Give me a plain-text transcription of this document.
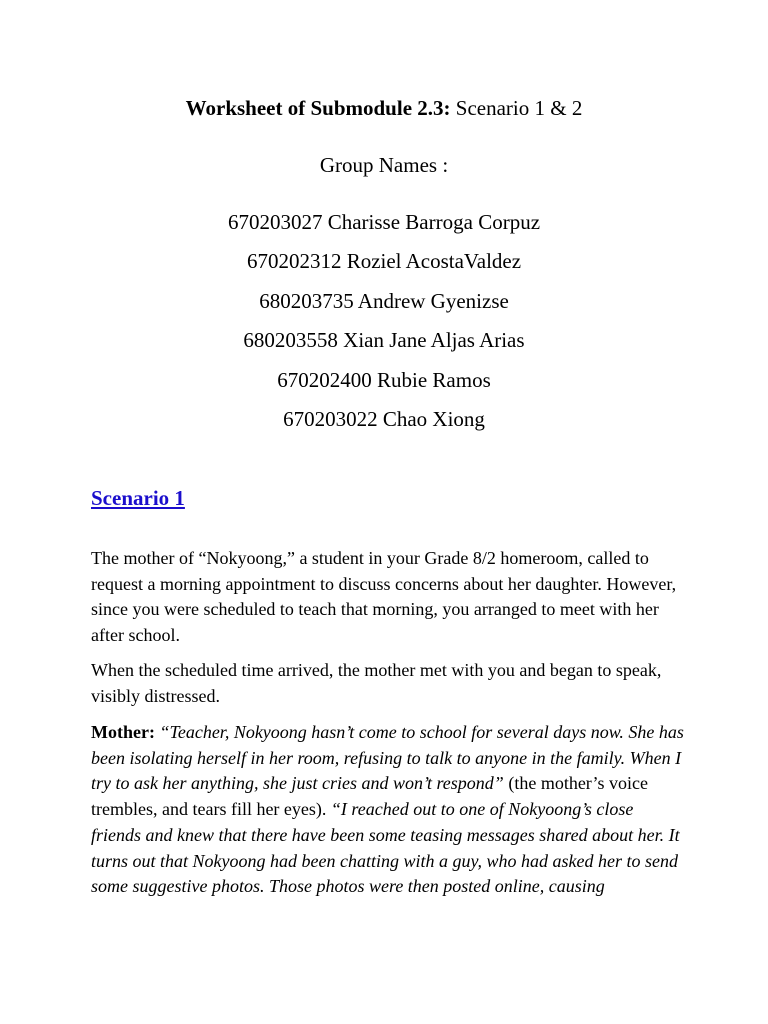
Worksheet of Submodule 2.3: Scenario 1 & 2
Group Names :
670203027 Charisse Barroga Corpuz
670202312 Roziel AcostaValdez
680203735 Andrew Gyenizse
680203558 Xian Jane Aljas Arias
670202400 Rubie Ramos
670203022 Chao Xiong
Scenario 1

The mother of “Nokyoong,” a student in your Grade 8/2 homeroom, called to request a morning appointment to discuss concerns about her daughter. However, since you were scheduled to teach that morning, you arranged to meet with her after school.

When the scheduled time arrived, the mother met with you and began to speak, visibly distressed.

Mother: “Teacher, Nokyoong hasn’t come to school for several days now. She has been isolating herself in her room, refusing to talk to anyone in the family. When I try to ask her anything, she just cries and won’t respond” (the mother’s voice trembles, and tears fill her eyes). “I reached out to one of Nokyoong’s close friends and knew that there have been some teasing messages shared about her. It turns out that Nokyoong had been chatting with a guy, who had asked her to send some suggestive photos. Those photos were then posted online, causing
